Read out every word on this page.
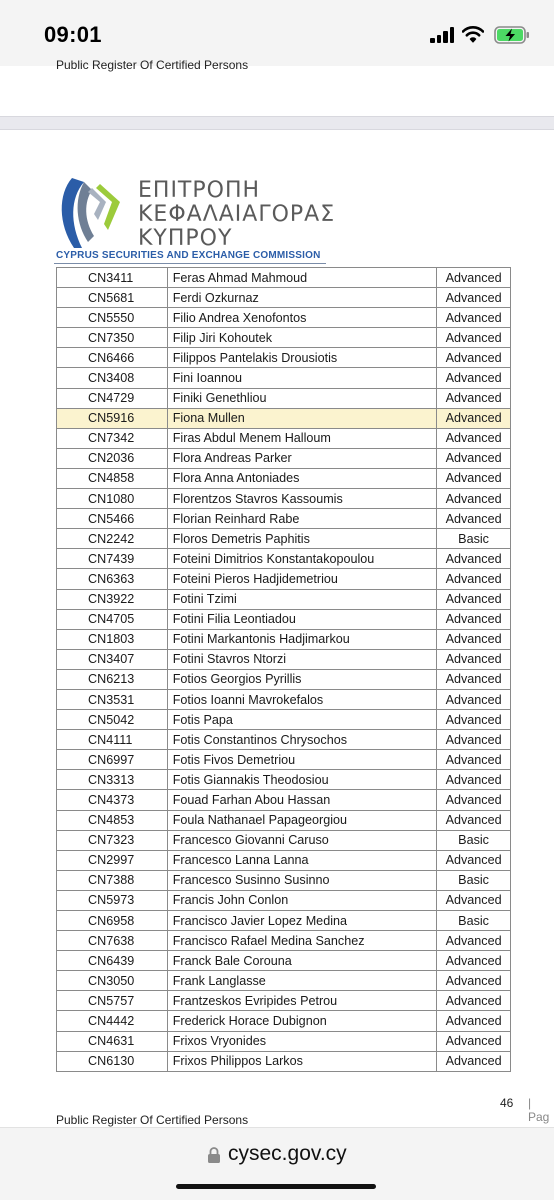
09:01
Public Register Of Certified Persons
ΕΠΙΤΡΟΠΗ
ΚΕΦΑΛΑΙΑΓΟΡΑΣ
ΚΥΠΡΟΥ
CYPRUS SECURITIES AND EXCHANGE COMMISSION
CN3411	Feras Ahmad Mahmoud	Advanced
CN5681	Ferdi Ozkurnaz	Advanced
CN5550	Filio Andrea Xenofontos	Advanced
CN7350	Filip Jiri Kohoutek	Advanced
CN6466	Filippos Pantelakis Drousiotis	Advanced
CN3408	Fini Ioannou	Advanced
CN4729	Finiki Genethliou	Advanced
CN5916	Fiona Mullen	Advanced
CN7342	Firas Abdul Menem Halloum	Advanced
CN2036	Flora Andreas Parker	Advanced
CN4858	Flora Anna Antoniades	Advanced
CN1080	Florentzos Stavros Kassoumis	Advanced
CN5466	Florian Reinhard Rabe	Advanced
CN2242	Floros Demetris Paphitis	Basic
CN7439	Foteini Dimitrios Konstantakopoulou	Advanced
CN6363	Foteini Pieros Hadjidemetriou	Advanced
CN3922	Fotini Tzimi	Advanced
CN4705	Fotini Filia Leontiadou	Advanced
CN1803	Fotini Markantonis Hadjimarkou	Advanced
CN3407	Fotini Stavros Ntorzi	Advanced
CN6213	Fotios Georgios Pyrillis	Advanced
CN3531	Fotios Ioanni Mavrokefalos	Advanced
CN5042	Fotis Papa	Advanced
CN4111	Fotis Constantinos Chrysochos	Advanced
CN6997	Fotis Fivos Demetriou	Advanced
CN3313	Fotis Giannakis Theodosiou	Advanced
CN4373	Fouad Farhan Abou Hassan	Advanced
CN4853	Foula Nathanael Papageorgiou	Advanced
CN7323	Francesco Giovanni Caruso	Basic
CN2997	Francesco Lanna Lanna	Advanced
CN7388	Francesco Susinno Susinno	Basic
CN5973	Francis John Conlon	Advanced
CN6958	Francisco Javier Lopez Medina	Basic
CN7638	Francisco Rafael Medina Sanchez	Advanced
CN6439	Franck Bale Corouna	Advanced
CN3050	Frank Langlasse	Advanced
CN5757	Frantzeskos Evripides Petrou	Advanced
CN4442	Frederick Horace Dubignon	Advanced
CN4631	Frixos Vryonides	Advanced
CN6130	Frixos Philippos Larkos	Advanced
46 | Pag
Public Register Of Certified Persons
cysec.gov.cy
